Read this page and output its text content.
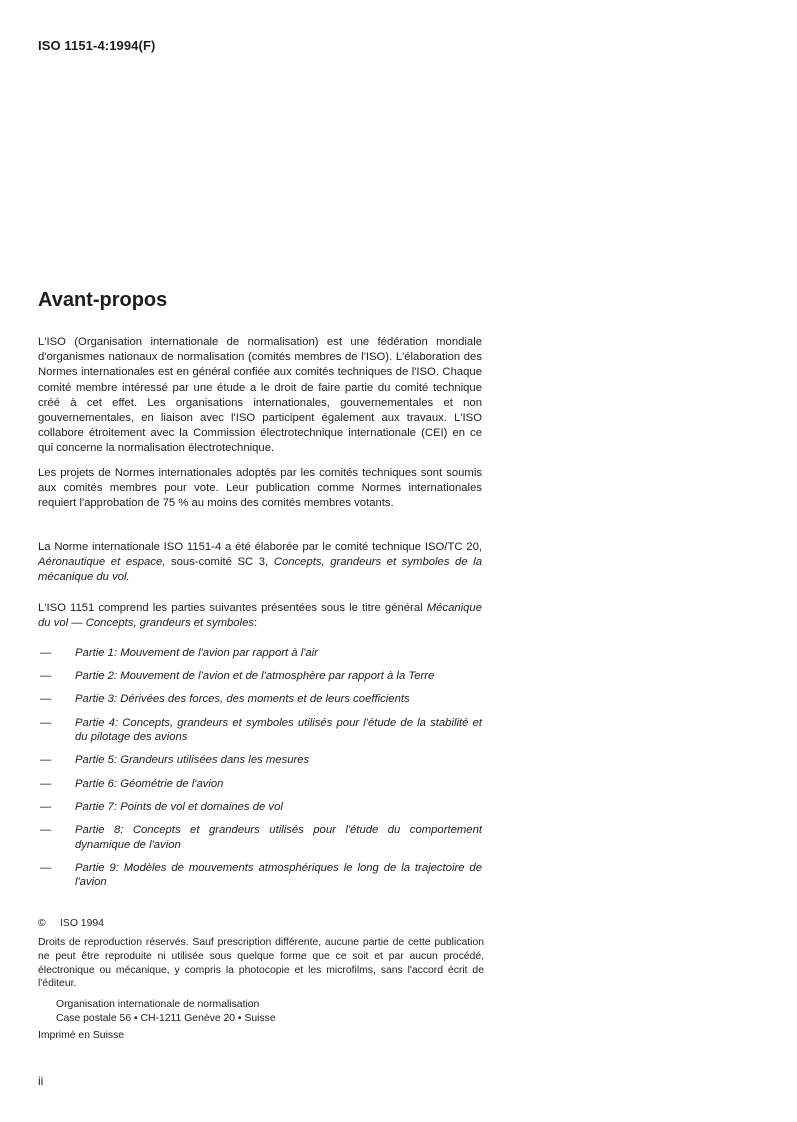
ISO 1151-4:1994(F)
Avant-propos

L'ISO (Organisation internationale de normalisation) est une fédération mondiale d'organismes nationaux de normalisation (comités membres de l'ISO). L'élaboration des Normes internationales est en général confiée aux comités techniques de l'ISO. Chaque comité membre intéressé par une étude a le droit de faire partie du comité technique créé à cet effet. Les organisations internationales, gouvernementales et non gouvernementales, en liaison avec l'ISO participent également aux travaux. L'ISO collabore étroitement avec la Commission électrotechnique internationale (CEI) en ce qui concerne la normalisation électrotechnique.

Les projets de Normes internationales adoptés par les comités techniques sont soumis aux comités membres pour vote. Leur publication comme Normes internationales requiert l'approbation de 75 % au moins des comités membres votants.

La Norme internationale ISO 1151-4 a été élaborée par le comité technique ISO/TC 20, Aéronautique et espace, sous-comité SC 3, Concepts, grandeurs et symboles de la mécanique du vol.

L'ISO 1151 comprend les parties suivantes présentées sous le titre général Mécanique du vol — Concepts, grandeurs et symboles:

— Partie 1: Mouvement de l'avion par rapport à l'air
— Partie 2: Mouvement de l'avion et de l'atmosphère par rapport à la Terre
— Partie 3: Dérivées des forces, des moments et de leurs coefficients
— Partie 4: Concepts, grandeurs et symboles utilisés pour l'étude de la stabilité et du pilotage des avions
— Partie 5: Grandeurs utilisées dans les mesures
— Partie 6: Géométrie de l'avion
— Partie 7: Points de vol et domaines de vol
— Partie 8: Concepts et grandeurs utilisés pour l'étude du comportement dynamique de l'avion
— Partie 9: Modèles de mouvements atmosphériques le long de la trajectoire de l'avion
© ISO 1994

Droits de reproduction réservés. Sauf prescription différente, aucune partie de cette publication ne peut être reproduite ni utilisée sous quelque forme que ce soit et par aucun procédé, électronique ou mécanique, y compris la photocopie et les microfilms, sans l'accord écrit de l'éditeur.

Organisation internationale de normalisation
Case postale 56 • CH-1211 Genève 20 • Suisse
Imprimé en Suisse
ii
